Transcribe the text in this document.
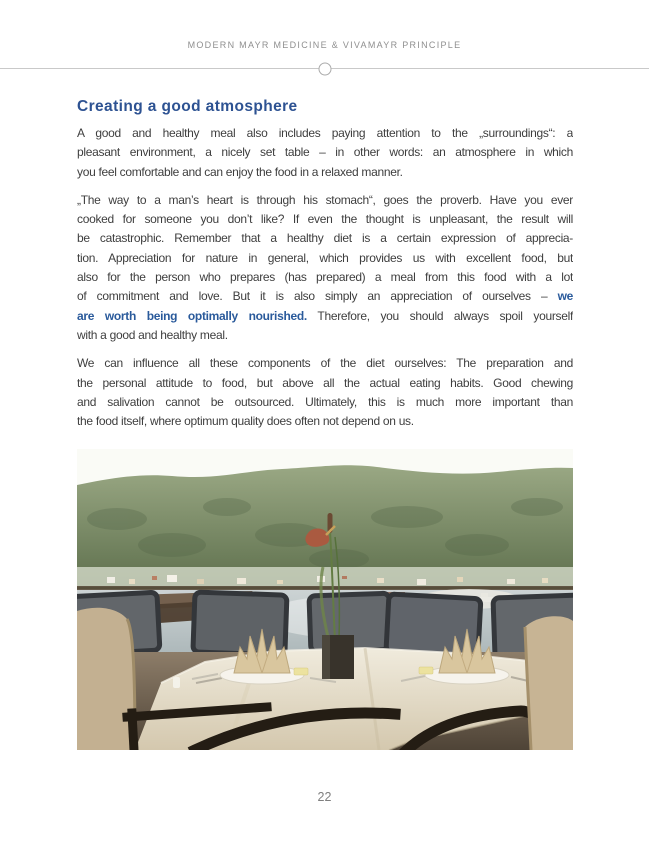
MODERN MAYR MEDICINE & VIVAMAYR PRINCIPLE
Creating a good atmosphere
A good and healthy meal also includes paying attention to the „surroundings“: a
pleasant environment, a nicely set table – in other words: an atmosphere in which
you feel comfortable and can enjoy the food in a relaxed manner.
„The way to a man’s heart is through his stomach“, goes the proverb. Have you ever
cooked for someone you don’t like? If even the thought is unpleasant, the result will
be catastrophic. Remember that a healthy diet is a certain expression of apprecia-
tion. Appreciation for nature in general, which provides us with excellent food, but
also for the person who prepares (has prepared) a meal from this food with a lot
of commitment and love. But it is also simply an appreciation of ourselves – we
are worth being optimally nourished. Therefore, you should always spoil yourself
with a good and healthy meal.
We can influence all these components of the diet ourselves: The preparation and
the personal attitude to food, but above all the actual eating habits. Good chewing
and salivation cannot be outsourced. Ultimately, this is much more important than
the food itself, where optimum quality does often not depend on us.
22
